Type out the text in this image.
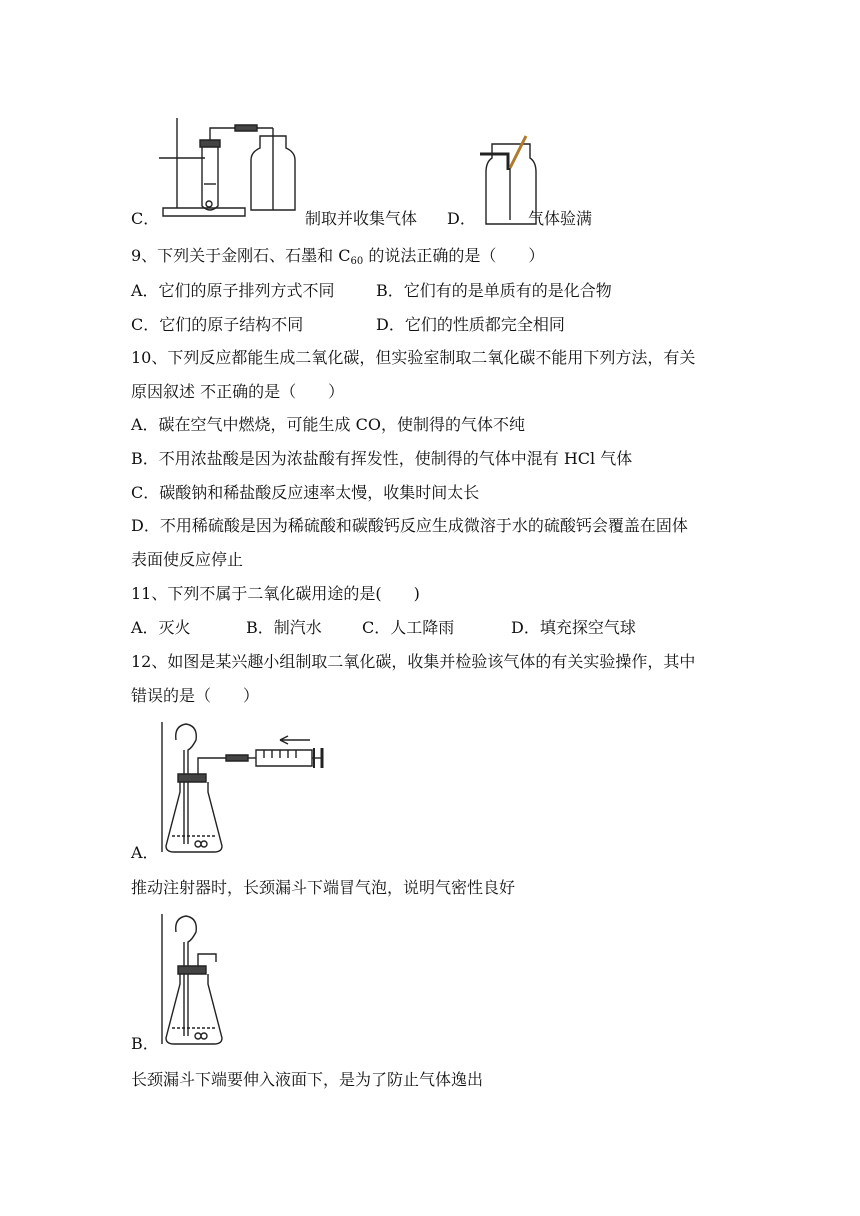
C．	制取并收集气体 D．	气体验满
9、下列关于金刚石、石墨和 $C_{60}$ 的说法正确的是（　　）
A．它们的原子排列方式不同	B．它们有的是单质有的是化合物
C．它们的原子结构不同	D．它们的性质都完全相同
10、下列反应都能生成二氧化碳，但实验室制取二氧化碳不能用下列方法，有关
原因叙述 不正确的是（　　）
A．碳在空气中燃烧，可能生成 CO，使制得的气体不纯
B．不用浓盐酸是因为浓盐酸有挥发性，使制得的气体中混有 HCl 气体
C．碳酸钠和稀盐酸反应速率太慢，收集时间太长
D．不用稀硫酸是因为稀硫酸和碳酸钙反应生成微溶于水的硫酸钙会覆盖在固体
表面使反应停止
11、下列不属于二氧化碳用途的是(　　)
A．灭火	B．制汽水	C．人工降雨	D．填充探空气球
12、如图是某兴趣小组制取二氧化碳，收集并检验该气体的有关实验操作，其中
错误的是（　　）
A．
推动注射器时，长颈漏斗下端冒气泡，说明气密性良好
B．
长颈漏斗下端要伸入液面下，是为了防止气体逸出
